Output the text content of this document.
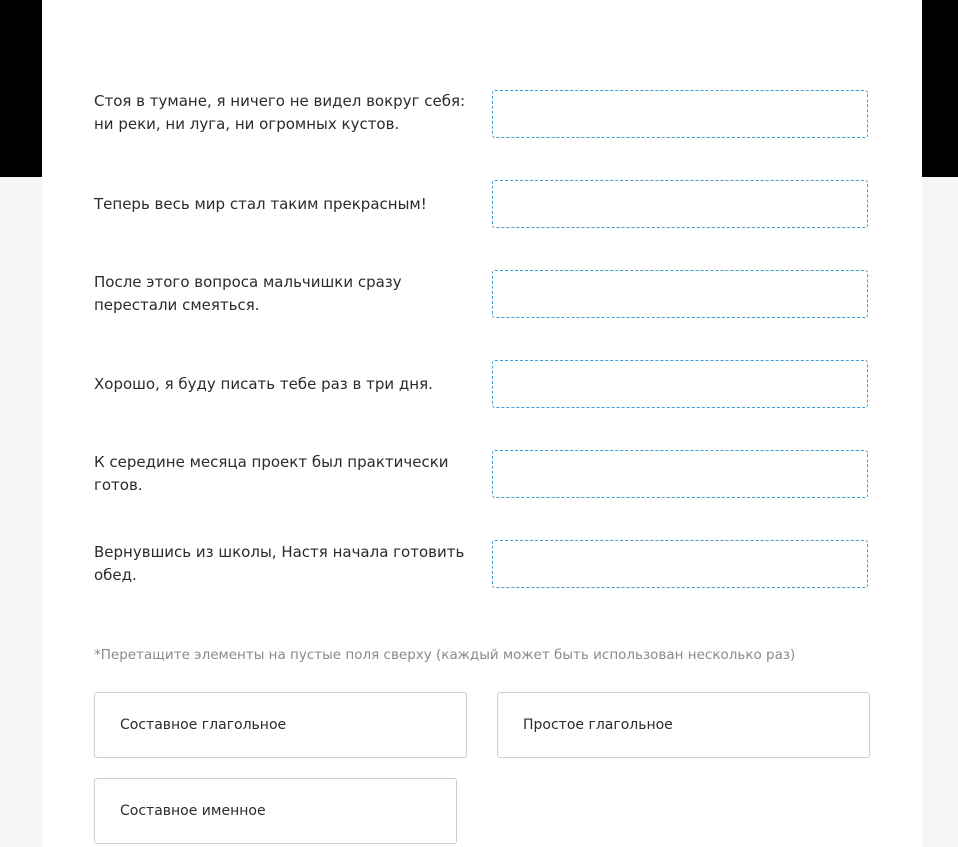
Стоя в тумане, я ничего не видел вокруг себя: ни реки, ни луга, ни огромных кустов.
Теперь весь мир стал таким прекрасным!
После этого вопроса мальчишки сразу перестали смеяться.
Хорошо, я буду писать тебе раз в три дня.
К середине месяца проект был практически готов.
Вернувшись из школы, Настя начала готовить обед.
*Перетащите элементы на пустые поля сверху (каждый может быть использован несколько раз)
Составное глагольное	Простое глагольное
Составное именное
